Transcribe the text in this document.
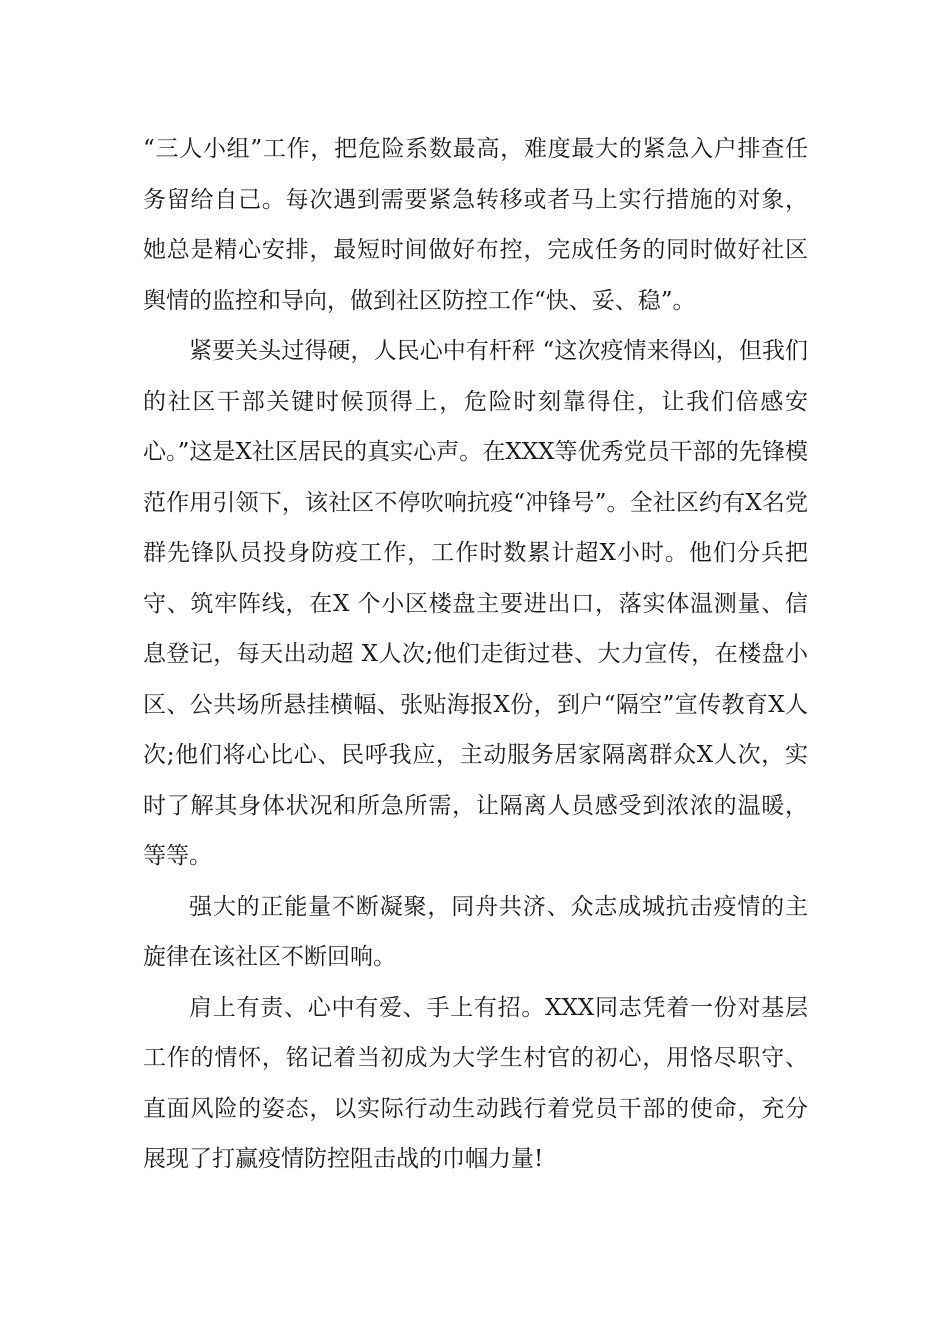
“三人小组”工作，把危险系数最高，难度最大的紧急入户排查任务留给自己。每次遇到需要紧急转移或者马上实行措施的对象，她总是精心安排，最短时间做好布控，完成任务的同时做好社区舆情的监控和导向，做到社区防控工作“快、妥、稳”。

紧要关头过得硬，人民心中有杆秤 “这次疫情来得凶，但我们的社区干部关键时候顶得上，危险时刻靠得住，让我们倍感安心。”这是X社区居民的真实心声。在XXX等优秀党员干部的先锋模范作用引领下，该社区不停吹响抗疫“冲锋号”。全社区约有X名党群先锋队员投身防疫工作，工作时数累计超X小时。他们分兵把守、筑牢阵线，在X 个小区楼盘主要进出口，落实体温测量、信息登记，每天出动超 X人次;他们走街过巷、大力宣传，在楼盘小区、公共场所悬挂横幅、张贴海报X份，到户“隔空”宣传教育X人次;他们将心比心、民呼我应，主动服务居家隔离群众X人次，实时了解其身体状况和所急所需，让隔离人员感受到浓浓的温暖，等等。

强大的正能量不断凝聚，同舟共济、众志成城抗击疫情的主旋律在该社区不断回响。

肩上有责、心中有爱、手上有招。XXX同志凭着一份对基层工作的情怀，铭记着当初成为大学生村官的初心，用恪尽职守、直面风险的姿态，以实际行动生动践行着党员干部的使命，充分展现了打赢疫情防控阻击战的巾帼力量!
